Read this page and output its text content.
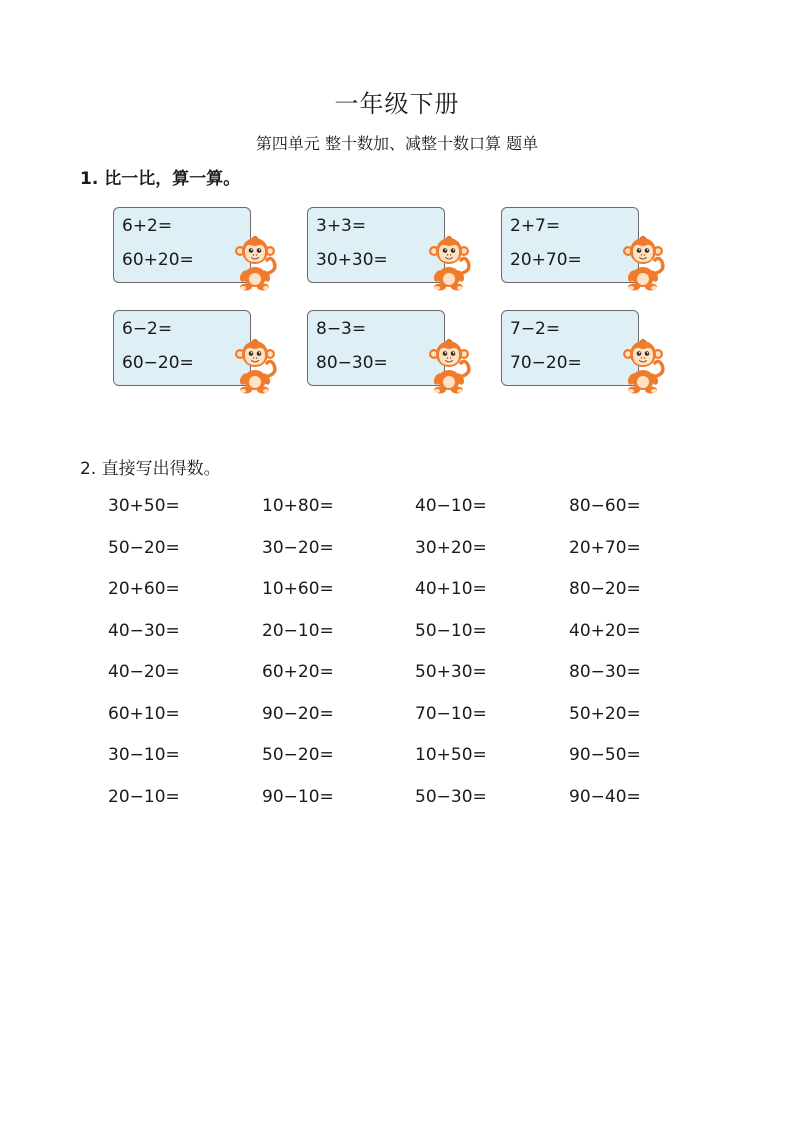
一年级下册
第四单元 整十数加、减整十数口算 题单
1. 比一比，算一算。
6+2=
60+20=
3+3=
30+30=
2+7=
20+70=
6−2=
60−20=
8−3=
80−30=
7−2=
70−20=
2. 直接写出得数。
30+50=	10+80=	40−10=	80−60=
50−20=	30−20=	30+20=	20+70=
20+60=	10+60=	40+10=	80−20=
40−30=	20−10=	50−10=	40+20=
40−20=	60+20=	50+30=	80−30=
60+10=	90−20=	70−10=	50+20=
30−10=	50−20=	10+50=	90−50=
20−10=	90−10=	50−30=	90−40=
